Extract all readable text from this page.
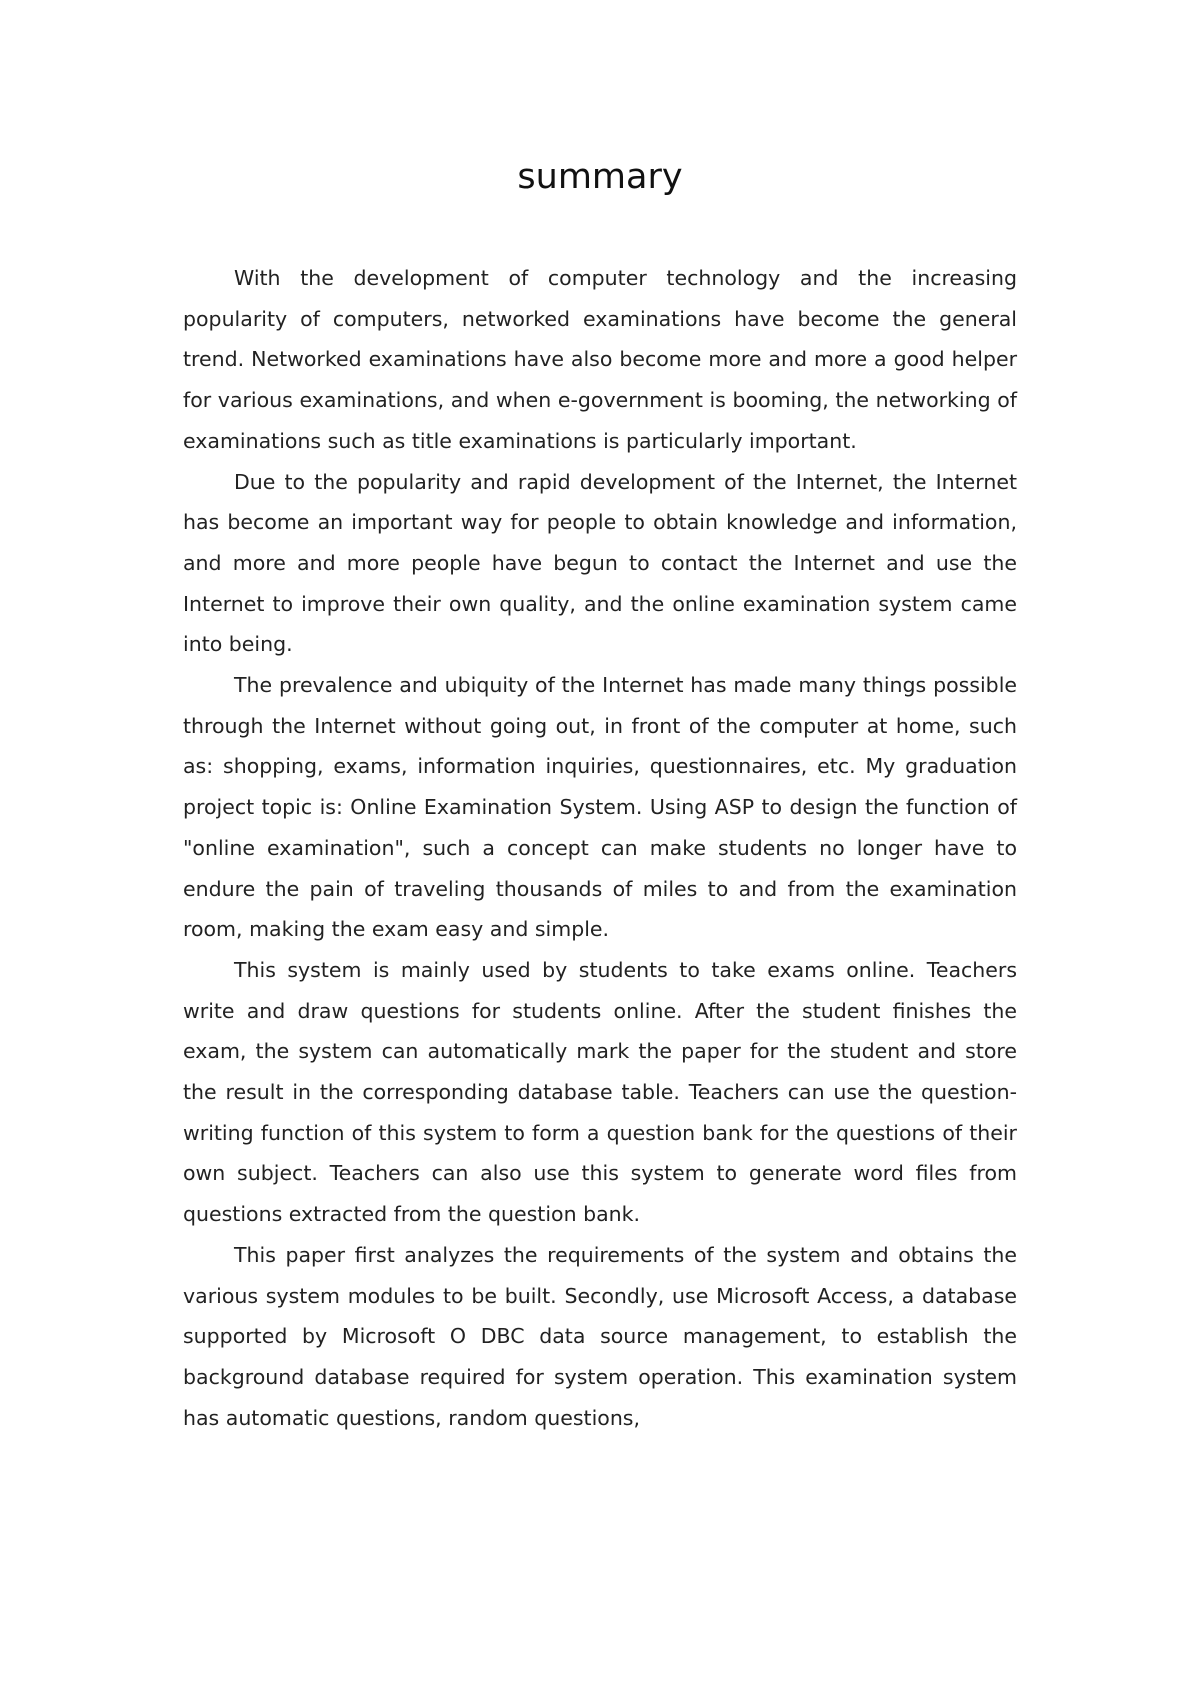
summary

With the development of computer technology and the increasing popularity of computers, networked examinations have become the general trend. Networked examinations have also become more and more a good helper for various examinations, and when e-government is booming, the networking of examinations such as title examinations is particularly important.

Due to the popularity and rapid development of the Internet, the Internet has become an important way for people to obtain knowledge and information, and more and more people have begun to contact the Internet and use the Internet to improve their own quality, and the online examination system came into being.

The prevalence and ubiquity of the Internet has made many things possible through the Internet without going out, in front of the computer at home, such as: shopping, exams, information inquiries, questionnaires, etc. My graduation project topic is: Online Examination System. Using ASP to design the function of "online examination", such a concept can make students no longer have to endure the pain of traveling thousands of miles to and from the examination room, making the exam easy and simple.

This system is mainly used by students to take exams online. Teachers write and draw questions for students online. After the student finishes the exam, the system can automatically mark the paper for the student and store the result in the corresponding database table. Teachers can use the question-writing function of this system to form a question bank for the questions of their own subject. Teachers can also use this system to generate word files from questions extracted from the question bank.

This paper first analyzes the requirements of the system and obtains the various system modules to be built. Secondly, use Microsoft Access, a database supported by Microsoft O DBC data source management, to establish the background database required for system operation. This examination system has automatic questions, random questions,
